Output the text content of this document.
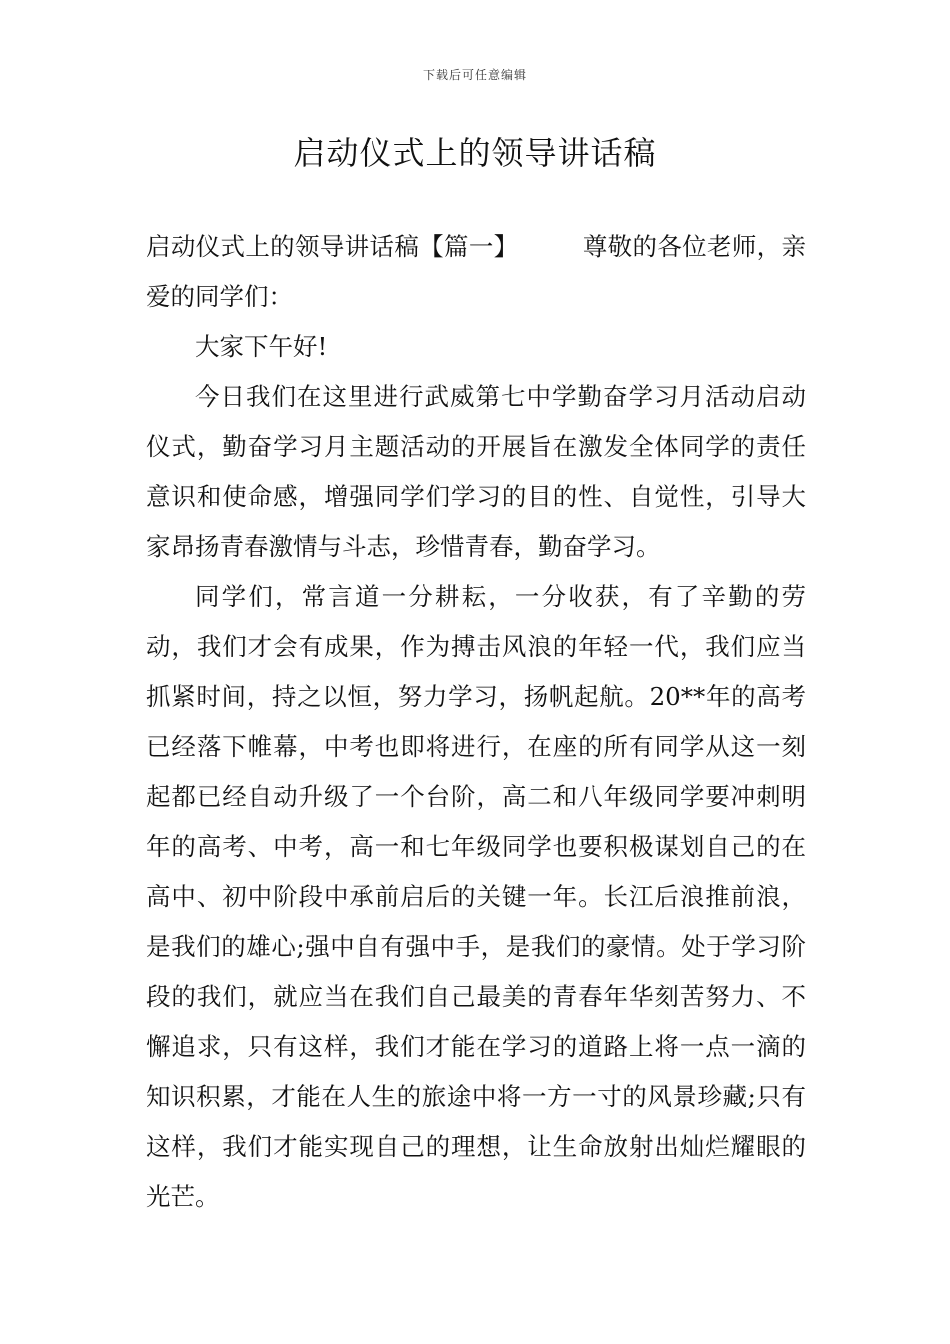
下载后可任意编辑
启动仪式上的领导讲话稿

启动仪式上的领导讲话稿【篇一】	尊敬的各位老师，亲爱的同学们：

大家下午好!

今日我们在这里进行武威第七中学勤奋学习月活动启动仪式，勤奋学习月主题活动的开展旨在激发全体同学的责任意识和使命感，增强同学们学习的目的性、自觉性，引导大家昂扬青春激情与斗志，珍惜青春，勤奋学习。

同学们，常言道一分耕耘，一分收获，有了辛勤的劳动，我们才会有成果，作为搏击风浪的年轻一代，我们应当抓紧时间，持之以恒，努力学习，扬帆起航。20**年的高考已经落下帷幕，中考也即将进行，在座的所有同学从这一刻起都已经自动升级了一个台阶，高二和八年级同学要冲刺明年的高考、中考，高一和七年级同学也要积极谋划自己的在高中、初中阶段中承前启后的关键一年。长江后浪推前浪，是我们的雄心;强中自有强中手，是我们的豪情。处于学习阶段的我们，就应当在我们自己最美的青春年华刻苦努力、不懈追求，只有这样，我们才能在学习的道路上将一点一滴的知识积累，才能在人生的旅途中将一方一寸的风景珍藏;只有这样，我们才能实现自己的理想，让生命放射出灿烂耀眼的光芒。
